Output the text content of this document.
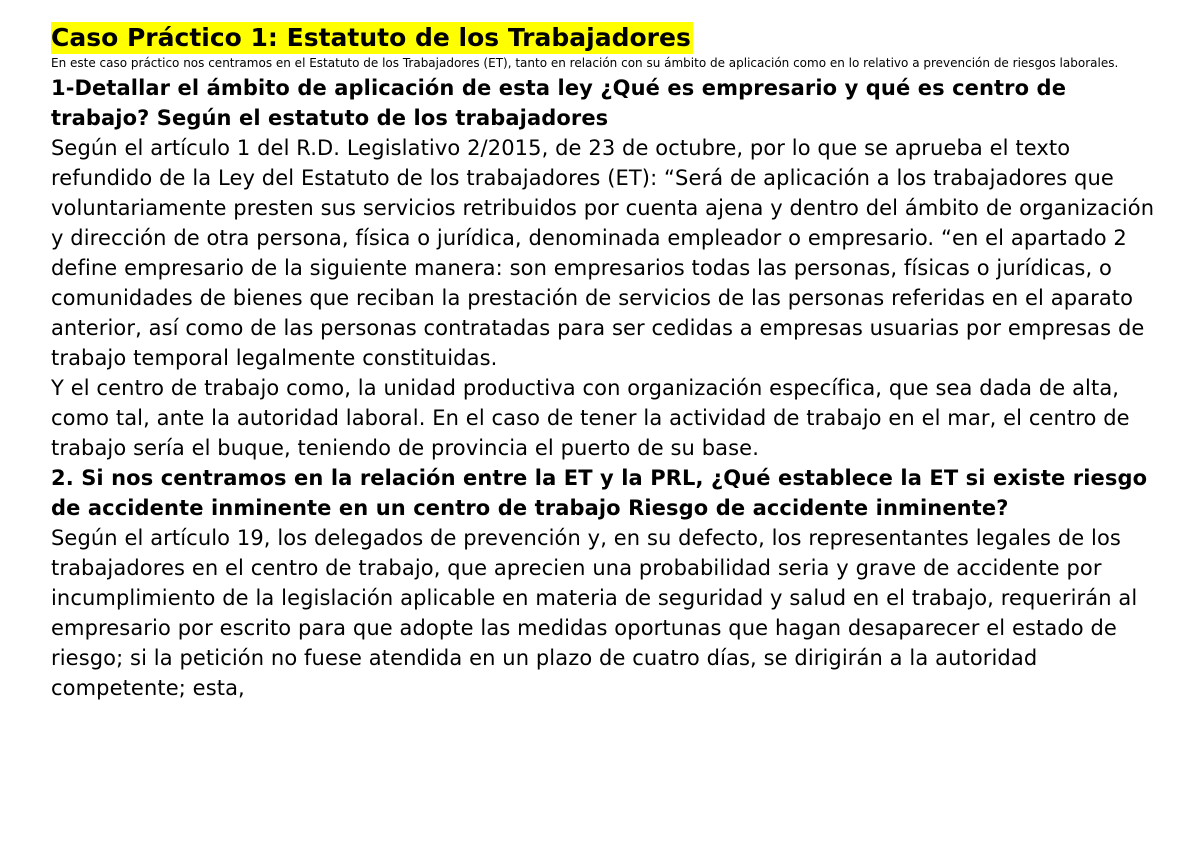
Caso Práctico 1: Estatuto de los Trabajadores

En este caso práctico nos centramos en el Estatuto de los Trabajadores (ET), tanto en relación con su ámbito de aplicación como en lo relativo a prevención de riesgos laborales.

1-Detallar el ámbito de aplicación de esta ley ¿Qué es empresario y qué es centro de trabajo? Según el estatuto de los trabajadores

Según el artículo 1 del R.D. Legislativo 2/2015, de 23 de octubre, por lo que se aprueba el texto refundido de la Ley del Estatuto de los trabajadores (ET): “Será de aplicación a los trabajadores que voluntariamente presten sus servicios retribuidos por cuenta ajena y dentro del ámbito de organización y dirección de otra persona, física o jurídica, denominada empleador o empresario. “en el apartado 2 define empresario de la siguiente manera: son empresarios todas las personas, físicas o jurídicas, o comunidades de bienes que reciban la prestación de servicios de las personas referidas en el aparato anterior, así como de las personas contratadas para ser cedidas a empresas usuarias por empresas de trabajo temporal legalmente constituidas.

Y el centro de trabajo como, la unidad productiva con organización específica, que sea dada de alta, como tal, ante la autoridad laboral. En el caso de tener la actividad de trabajo en el mar, el centro de trabajo sería el buque, teniendo de provincia el puerto de su base.

2. Si nos centramos en la relación entre la ET y la PRL, ¿Qué establece la ET si existe riesgo de accidente inminente en un centro de trabajo Riesgo de accidente inminente?

Según el artículo 19, los delegados de prevención y, en su defecto, los representantes legales de los trabajadores en el centro de trabajo, que aprecien una probabilidad seria y grave de accidente por incumplimiento de la legislación aplicable en materia de seguridad y salud en el trabajo, requerirán al empresario por escrito para que adopte las medidas oportunas que hagan desaparecer el estado de riesgo; si la petición no fuese atendida en un plazo de cuatro días, se dirigirán a la autoridad competente; esta,
